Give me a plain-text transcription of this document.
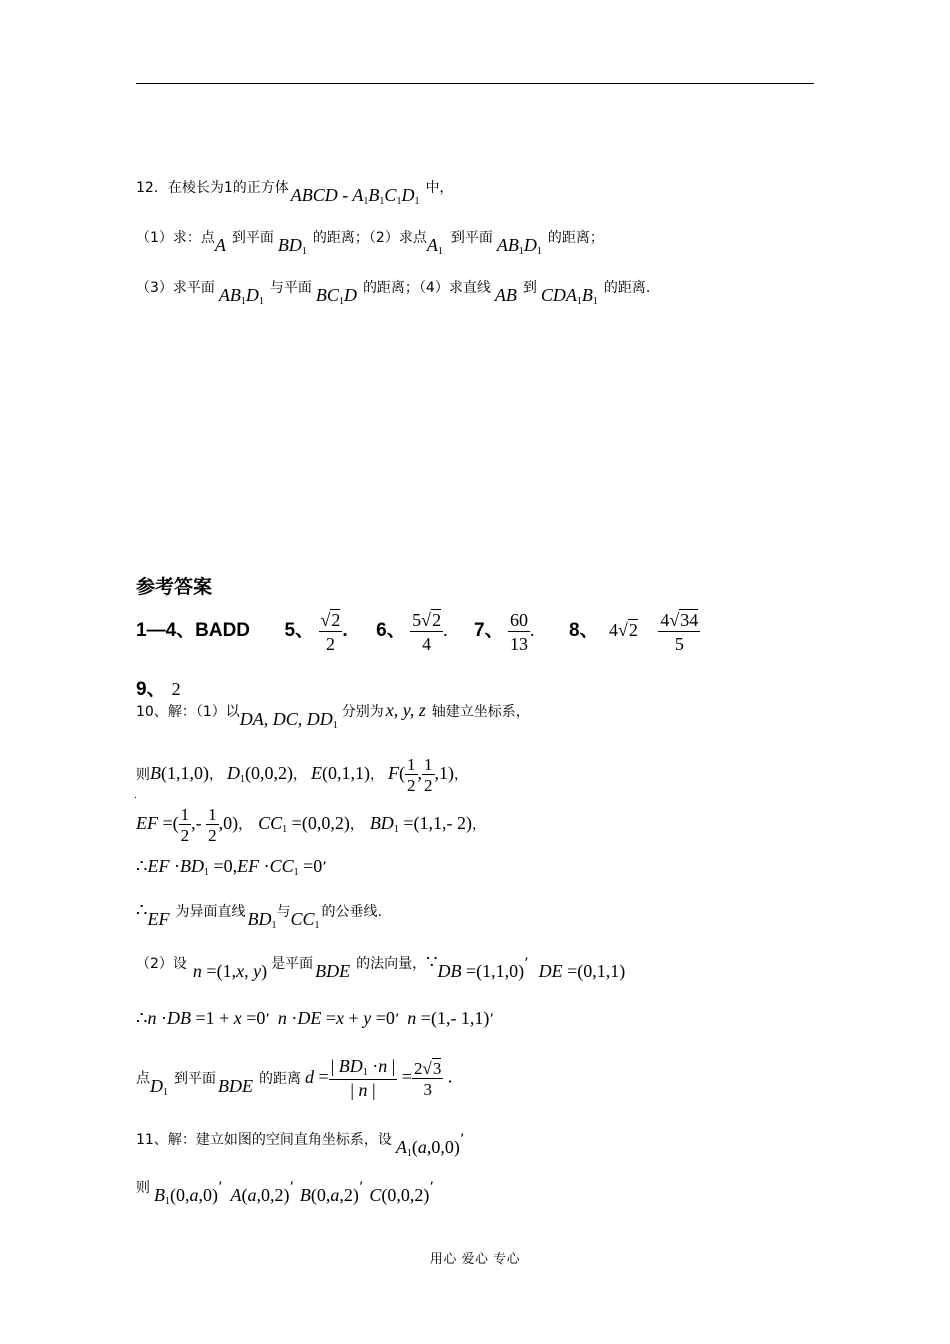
12．在棱长为1的正方体 ABCD - A1B1C1D1中，
（1）求：点A 到平面 BD1的距离；（2）求点A1到平面 AB1D1的距离；
（3）求平面 AB1D1与平面 BC1D 的距离；（4）求直线 AB 到 CDA1B1的距离.
参考答案
1—4、BADD 5、 $\frac{√2}{2}$ . 6、 $\frac{5√2}{4}$ . 7、 $\frac{60}{13}$ . 8、 $4√2 \frac{4√34}{5}$
9、 2
10、解：（1）以DA, DC, DD1分别为 x, y, z 轴建立坐标系，
则B(1,1,0)， D1(0,0,2)， E(0,1,1)， $F( \frac{1}{2}$ , $\frac{1}{2} ,1$)，
.
EF =( $\frac{1}{2}$ ,- $\frac{1}{2} ,0$)， CC1 =(0,0,2)， BD1 =(1,1,- 2)，
∴EF ·BD1 =0,EF ·CC1 =0’
∴EF 为异面直线 BD1与CC1的公垂线.
（2）设 n =(1,x, y) 是平面 BDE 的法向量，∵DB =(1,1,0)’ DE =(0,1,1)
∴n ·DB =1 + x =0’ n ·DE =x + y =0’ n =(1,- 1,1)’
点D1到平面 BDE 的距离 $d = \frac{| BD1 \cdot n |}{| n |} = \frac{2√3}{3}$ .
11、解：建立如图的空间直角坐标系，设 A1(a,0,0)’
则 B1(0,a,0)’ A(a,0,2)’ B(0,a,2)’ C(0,0,2)’
用心 爱心 专心
